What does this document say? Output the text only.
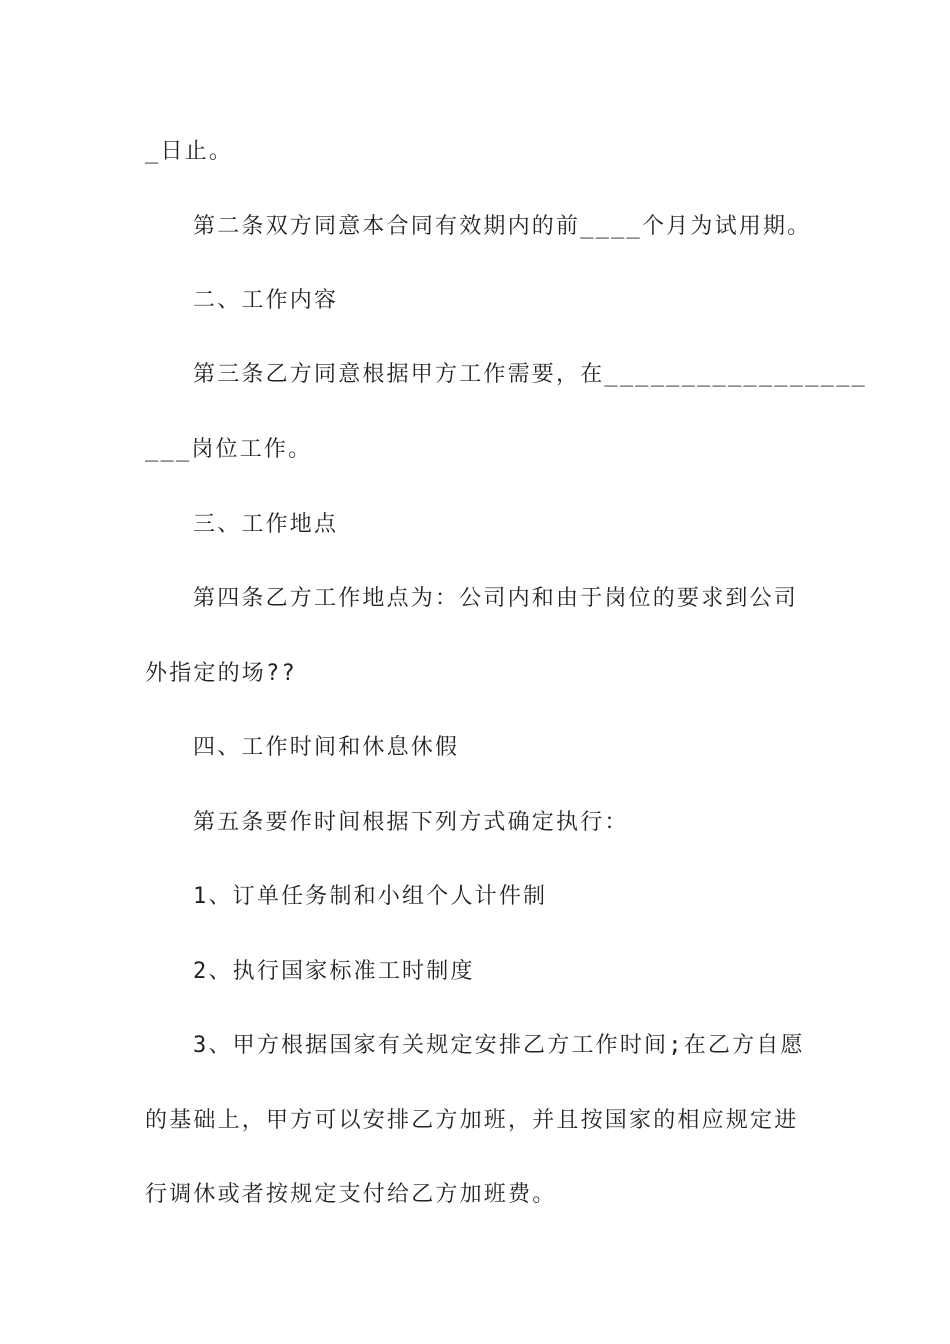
_日止。
第二条双方同意本合同有效期内的前____个月为试用期。
二、工作内容
第三条乙方同意根据甲方工作需要，在_________________
___岗位工作。
三、工作地点
第四条乙方工作地点为：公司内和由于岗位的要求到公司
外指定的场??
四、工作时间和休息休假
第五条要作时间根据下列方式确定执行：
1、订单任务制和小组个人计件制
2、执行国家标准工时制度
3、甲方根据国家有关规定安排乙方工作时间;在乙方自愿
的基础上，甲方可以安排乙方加班，并且按国家的相应规定进
行调休或者按规定支付给乙方加班费。
